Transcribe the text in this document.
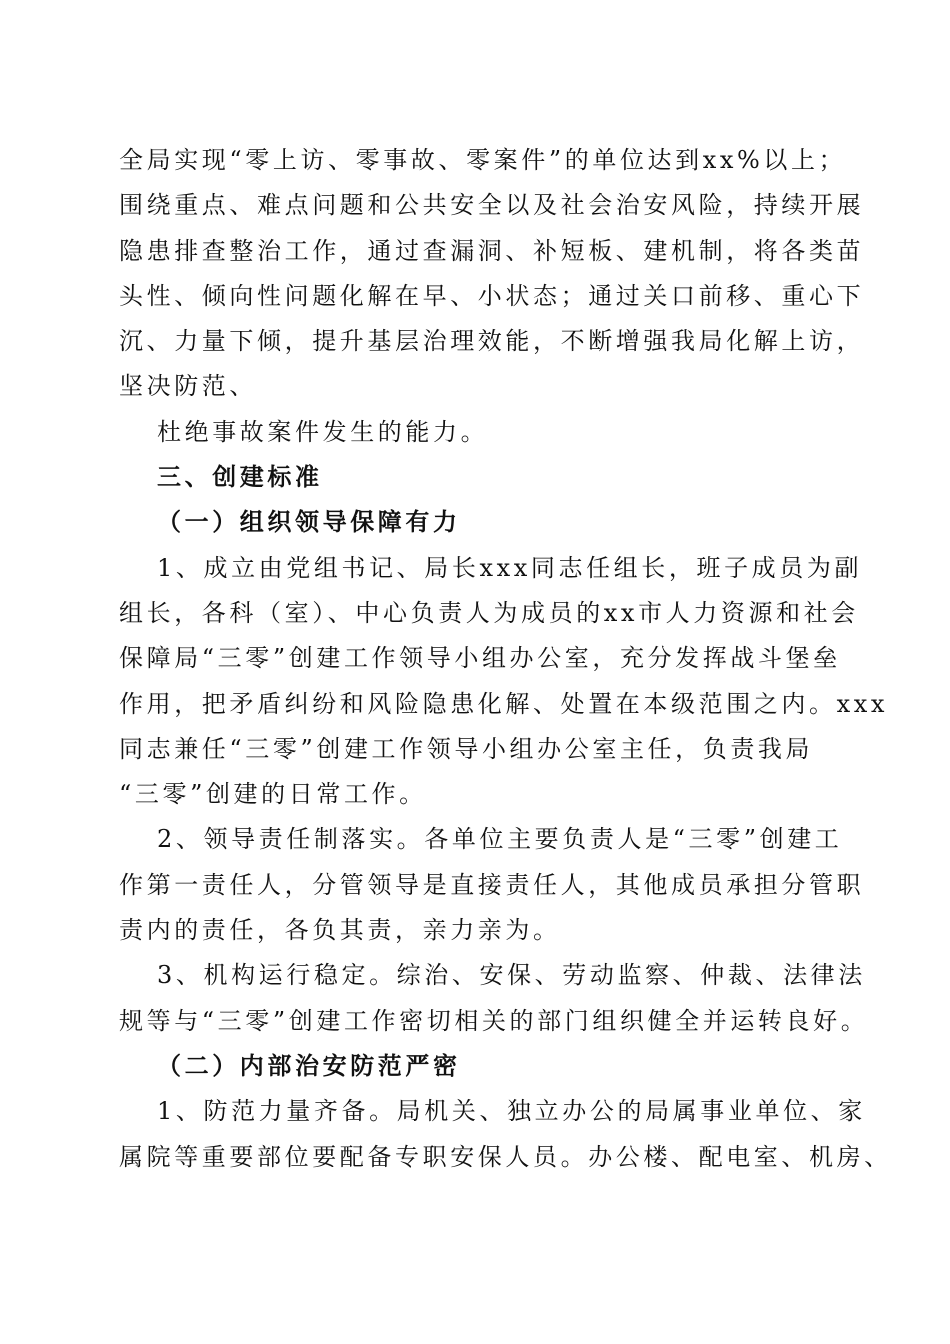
全局实现“零上访、零事故、零案件”的单位达到xx%以上；
围绕重点、难点问题和公共安全以及社会治安风险，持续开展
隐患排查整治工作，通过查漏洞、补短板、建机制，将各类苗
头性、倾向性问题化解在早、小状态；通过关口前移、重心下
沉、力量下倾，提升基层治理效能，不断增强我局化解上访，
坚决防范、
杜绝事故案件发生的能力。
三、创建标准
（一）组织领导保障有力
1、成立由党组书记、局长xxx同志任组长，班子成员为副
组长，各科（室）、中心负责人为成员的xx市人力资源和社会
保障局“三零”创建工作领导小组办公室，充分发挥战斗堡垒
作用，把矛盾纠纷和风险隐患化解、处置在本级范围之内。xxx
同志兼任“三零”创建工作领导小组办公室主任，负责我局
“三零”创建的日常工作。
2、领导责任制落实。各单位主要负责人是“三零”创建工
作第一责任人，分管领导是直接责任人，其他成员承担分管职
责内的责任，各负其责，亲力亲为。
3、机构运行稳定。综治、安保、劳动监察、仲裁、法律法
规等与“三零”创建工作密切相关的部门组织健全并运转良好。
（二）内部治安防范严密
1、防范力量齐备。局机关、独立办公的局属事业单位、家
属院等重要部位要配备专职安保人员。办公楼、配电室、机房、
